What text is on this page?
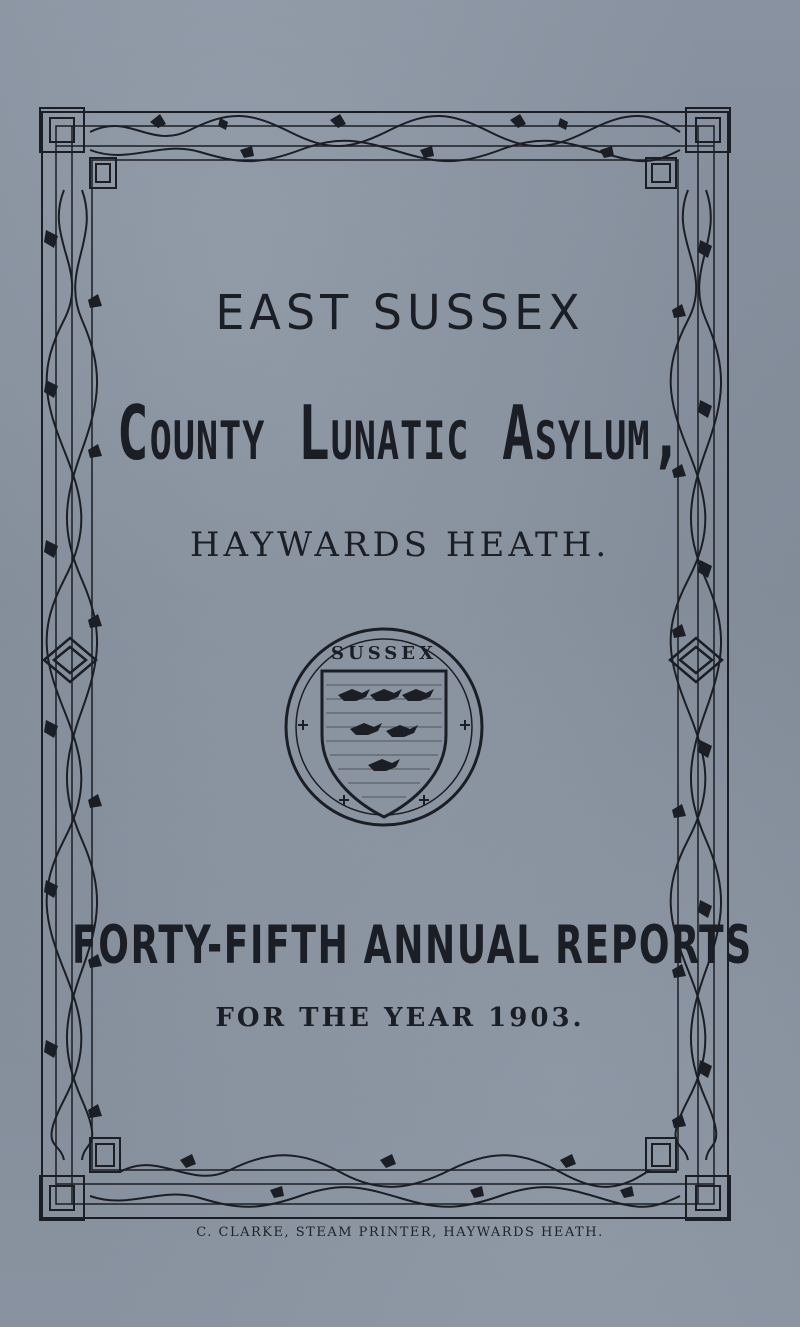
EAST SUSSEX
County Lunatic Asylum,
HAYWARDS HEATH.
SUSSEX
FORTY-FIFTH ANNUAL REPORTS
FOR THE YEAR 1903.
C. CLARKE, STEAM PRINTER, HAYWARDS HEATH.
